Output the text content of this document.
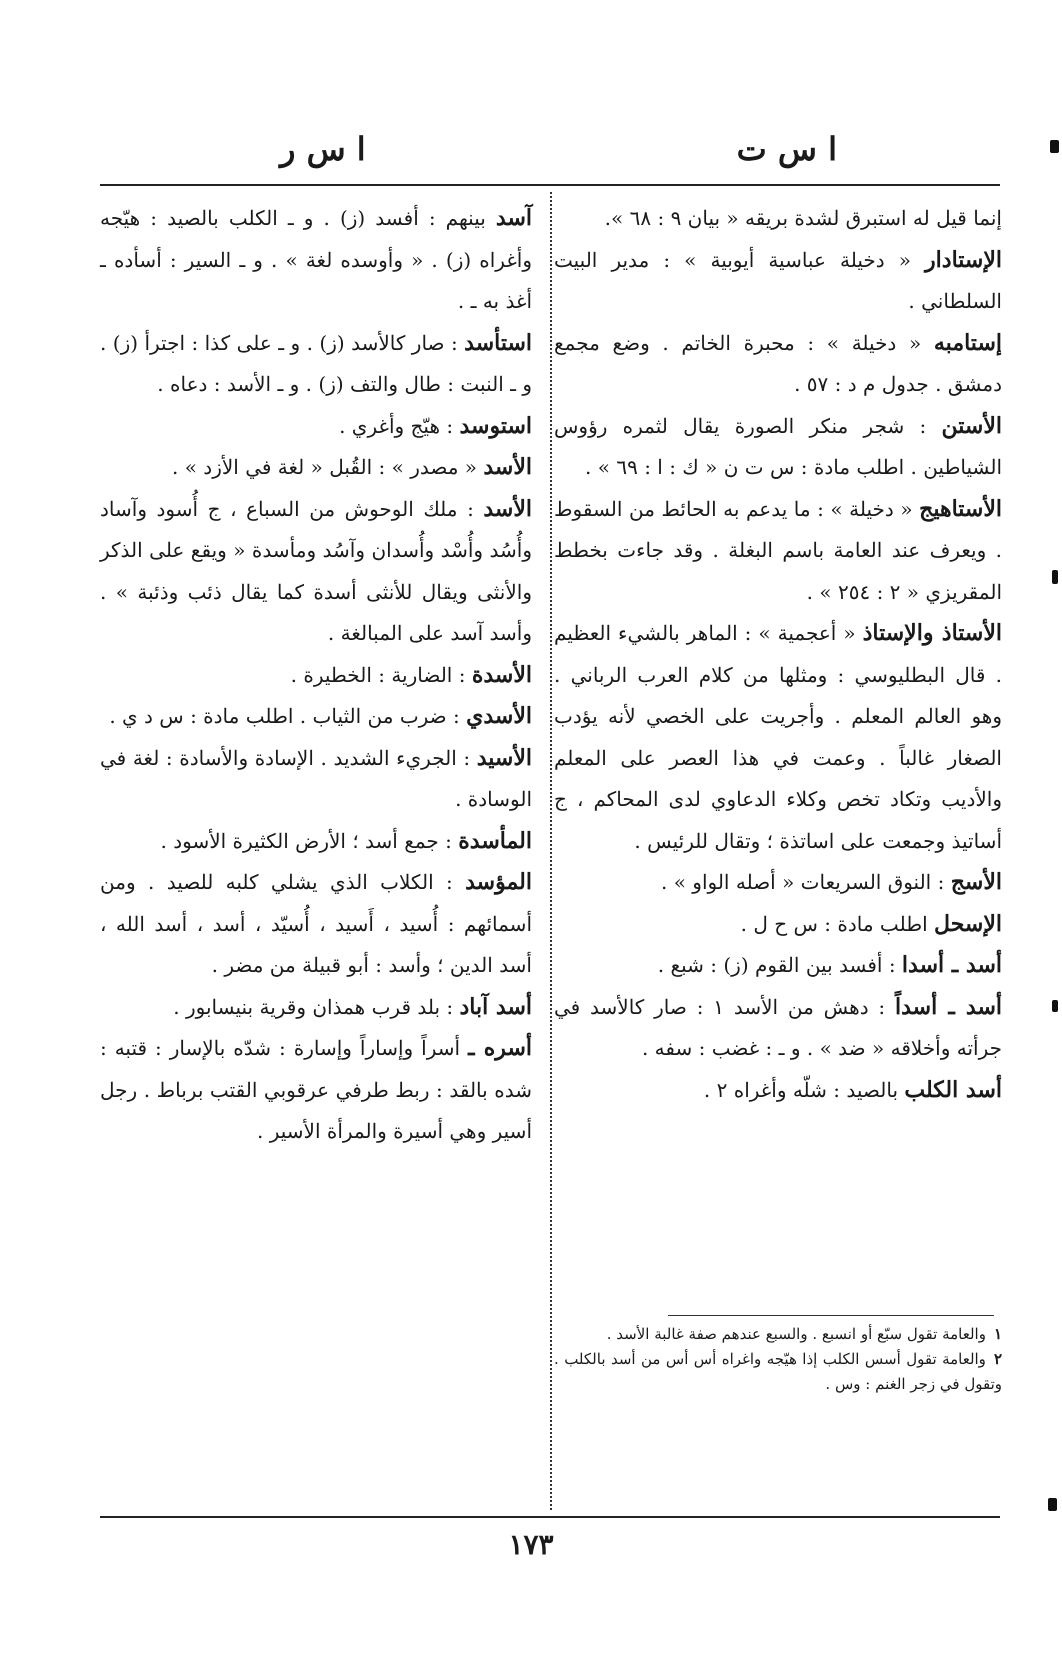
ا س ت
ا س ر

إنما قيل له استبرق لشدة بريقه « بيان ٩ : ٦٨ ».

الإستادار « دخيلة عباسية أيوبية » : مدير البيت السلطاني .

إستامبه « دخيلة » : محبرة الخاتم . وضع مجمع دمشق . جدول م د : ٥٧ .

الأستن : شجر منكر الصورة يقال لثمره رؤوس الشياطين . اطلب مادة : س ت ن « ك : ا : ٦٩ » .

الأستاهيج « دخيلة » : ما يدعم به الحائط من السقوط . ويعرف عند العامة باسم البغلة . وقد جاءت بخطط المقريزي « ٢ : ٢٥٤ » .

الأستاذ والإستاذ « أعجمية » : الماهر بالشيء العظيم . قال البطليوسي : ومثلها من كلام العرب الرباني . وهو العالم المعلم . وأجريت على الخصي لأنه يؤدب الصغار غالباً . وعمت في هذا العصر على المعلم والأديب وتكاد تخص وكلاء الدعاوي لدى المحاكم ، ج أساتيذ وجمعت على اساتذة ؛ وتقال للرئيس .

الأسج : النوق السريعات « أصله الواو » .

الإسحل اطلب مادة : س ح ل .

أسد ـ أسدا : أفسد بين القوم (ز) : شبع .

أسد ـ أسداً : دهش من الأسد ١ : صار كالأسد في جرأته وأخلاقه « ضد » . و ـ : غضب : سفه .

أسد الكلب بالصيد : شلّه وأغراه ٢ .

١والعامة تقول سبّع أو انسبع . والسبع عندهم صفة غالبة الأسد .

٢والعامة تقول أسس الكلب إذا هيّجه واغراه أس أس من أسد بالكلب . وتقول في زجر الغنم : وس .

آسد بينهم : أفسد (ز) . و ـ الكلب بالصيد : هيّجه وأغراه (ز) . « وأوسده لغة » . و ـ السير : أسأده ـ أغذ به ـ .

استأسد : صار كالأسد (ز) . و ـ على كذا : اجترأ (ز) . و ـ النبت : طال والتف (ز) . و ـ الأسد : دعاه .

استوسد : هيّج وأغري .

الأسد « مصدر » : القُبل « لغة في الأزد » .

الأسد : ملك الوحوش من السباع ، ج أُسود وآساد وأُسُد وأُسْد وأُسدان وآسُد ومأسدة « ويقع على الذكر والأنثى ويقال للأنثى أسدة كما يقال ذئب وذئبة » . وأسد آسد على المبالغة .

الأسدة : الضارية : الخطيرة .

الأسدي : ضرب من الثياب . اطلب مادة : س د ي .

الأسيد : الجريء الشديد . الإسادة والأسادة : لغة في الوسادة .

المأسدة : جمع أسد ؛ الأرض الكثيرة الأسود .

المؤسد : الكلاب الذي يشلي كلبه للصيد . ومن أسمائهم : أُسيد ، أَسيد ، أُسيّد ، أسد ، أسد الله ، أسد الدين ؛ وأسد : أبو قبيلة من مضر .

أسد آباد : بلد قرب همذان وقرية بنيسابور .

أسره ـ أسراً وإساراً وإسارة : شدّه بالإسار : قتبه : شده بالقد : ربط طرفي عرقوبي القتب برباط . رجل أسير وهي أسيرة والمرأة الأسير .

١٧٣
